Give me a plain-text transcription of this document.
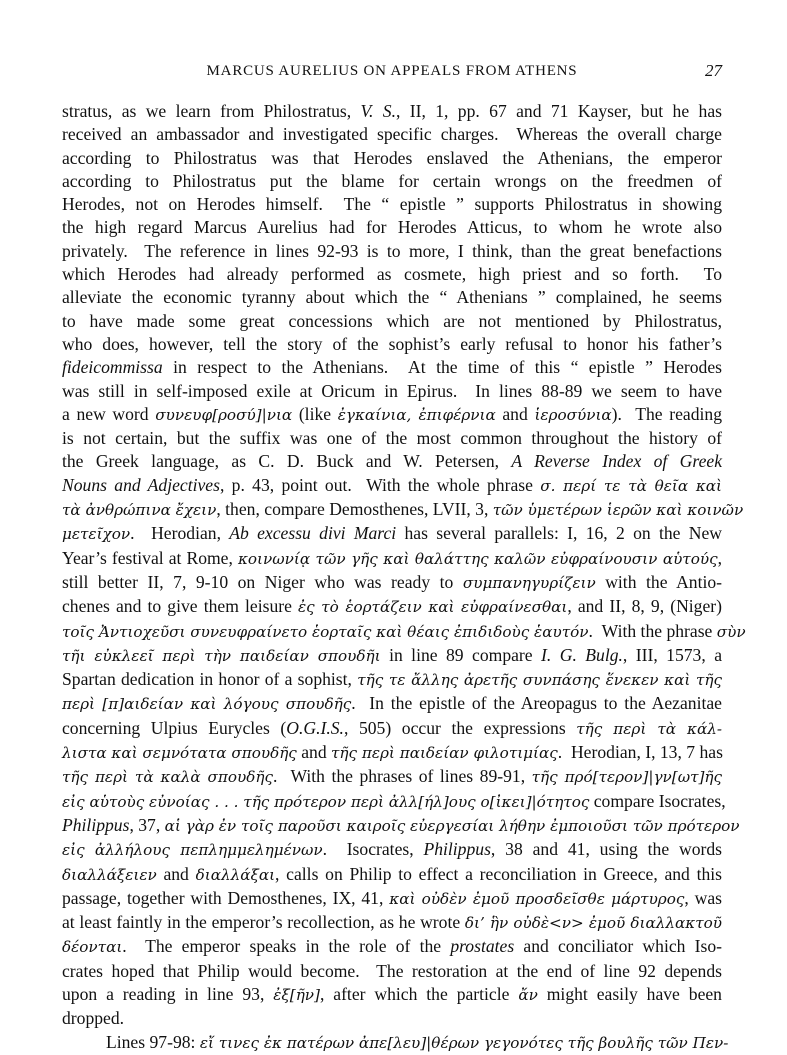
MARCUS AURELIUS ON APPEALS FROM ATHENS	27
stratus, as we learn from Philostratus, V. S., II, 1, pp. 67 and 71 Kayser, but he has
received an ambassador and investigated specific charges.  Whereas the overall charge
according to Philostratus was that Herodes enslaved the Athenians, the emperor
according to Philostratus put the blame for certain wrongs on the freedmen of
Herodes, not on Herodes himself.  The “ epistle ” supports Philostratus in showing
the high regard Marcus Aurelius had for Herodes Atticus, to whom he wrote also
privately.  The reference in lines 92-93 is to more, I think, than the great benefactions
which Herodes had already performed as cosmete, high priest and so forth.  To
alleviate the economic tyranny about which the “ Athenians ” complained, he seems
to have made some great concessions which are not mentioned by Philostratus,
who does, however, tell the story of the sophist’s early refusal to honor his father’s
fideicommissa in respect to the Athenians.  At the time of this “ epistle ” Herodes
was still in self-imposed exile at Oricum in Epirus.  In lines 88-89 we seem to have
a new word συνευφ[ροσύ]|νια (like ἐγκαίνια, ἐπιφέρνια and ἱεροσύνια).  The reading
is not certain, but the suffix was one of the most common throughout the history of
the Greek language, as C. D. Buck and W. Petersen, A Reverse Index of Greek
Nouns and Adjectives, p. 43, point out.  With the whole phrase σ. περί τε τὰ θεῖα καὶ
τὰ ἀνθρώπινα ἔχειν, then, compare Demosthenes, LVII, 3, τῶν ὑμετέρων ἱερῶν καὶ κοινῶν
μετεῖχον.  Herodian, Ab excessu divi Marci has several parallels: I, 16, 2 on the New
Year’s festival at Rome, κοινωνίᾳ τῶν γῆς καὶ θαλάττης καλῶν εὐφραίνουσιν αὑτούς,
still better II, 7, 9-10 on Niger who was ready to συμπανηγυρίζειν with the Antio-
chenes and to give them leisure ἐς τὸ ἑορτάζειν καὶ εὐφραίνεσθαι, and II, 8, 9, (Niger)
τοῖς Ἀντιοχεῦσι συνευφραίνετο ἑορταῖς καὶ θέαις ἐπιδιδοὺς ἑαυτόν.  With the phrase σὺν
τῆι εὐκλεεῖ περὶ τὴν παιδείαν σπουδῆι in line 89 compare I. G. Bulg., III, 1573, a
Spartan dedication in honor of a sophist, τῆς τε ἄλλης ἀρετῆς συνπάσης ἕνεκεν καὶ τῆς
περὶ [π]αιδείαν καὶ λόγους σπουδῆς.  In the epistle of the Areopagus to the Aezanitae
concerning Ulpius Eurycles (O.G.I.S., 505) occur the expressions τῆς περὶ τὰ κάλ-
λιστα καὶ σεμνότατα σπουδῆς and τῆς περὶ παιδείαν φιλοτιμίας.  Herodian, I, 13, 7 has
τῆς περὶ τὰ καλὰ σπουδῆς.  With the phrases of lines 89-91, τῆς πρό[τερον]|γν[ωτ]ῆς
εἰς αὑτοὺς εὐνοίας . . . τῆς πρότερον περὶ ἀλλ[ήλ]ους ο[ἰκει]|ότητος compare Isocrates,
Philippus, 37, αἱ γὰρ ἐν τοῖς παροῦσι καιροῖς εὐεργεσίαι λήθην ἐμποιοῦσι τῶν πρότερον
εἰς ἀλλήλους πεπλημμελημένων.  Isocrates, Philippus, 38 and 41, using the words
διαλλάξειεν and διαλλάξαι, calls on Philip to effect a reconciliation in Greece, and this
passage, together with Demosthenes, IX, 41, καὶ οὐδὲν ἐμοῦ προσδεῖσθε μάρτυρος, was
at least faintly in the emperor’s recollection, as he wrote δι’ ἣν οὐδὲ<ν> ἐμοῦ διαλλακτοῦ
δέονται.  The emperor speaks in the role of the prostates and conciliator which Iso-
crates hoped that Philip would become.  The restoration at the end of line 92 depends
upon a reading in line 93, ἐξ[ῆν], after which the particle ἄν might easily have been
dropped.
Lines 97-98: εἴ τινες ἐκ πατέρων ἀπε[λευ]|θέρων γεγονότες τῆς βουλῆς τῶν Πεν-
